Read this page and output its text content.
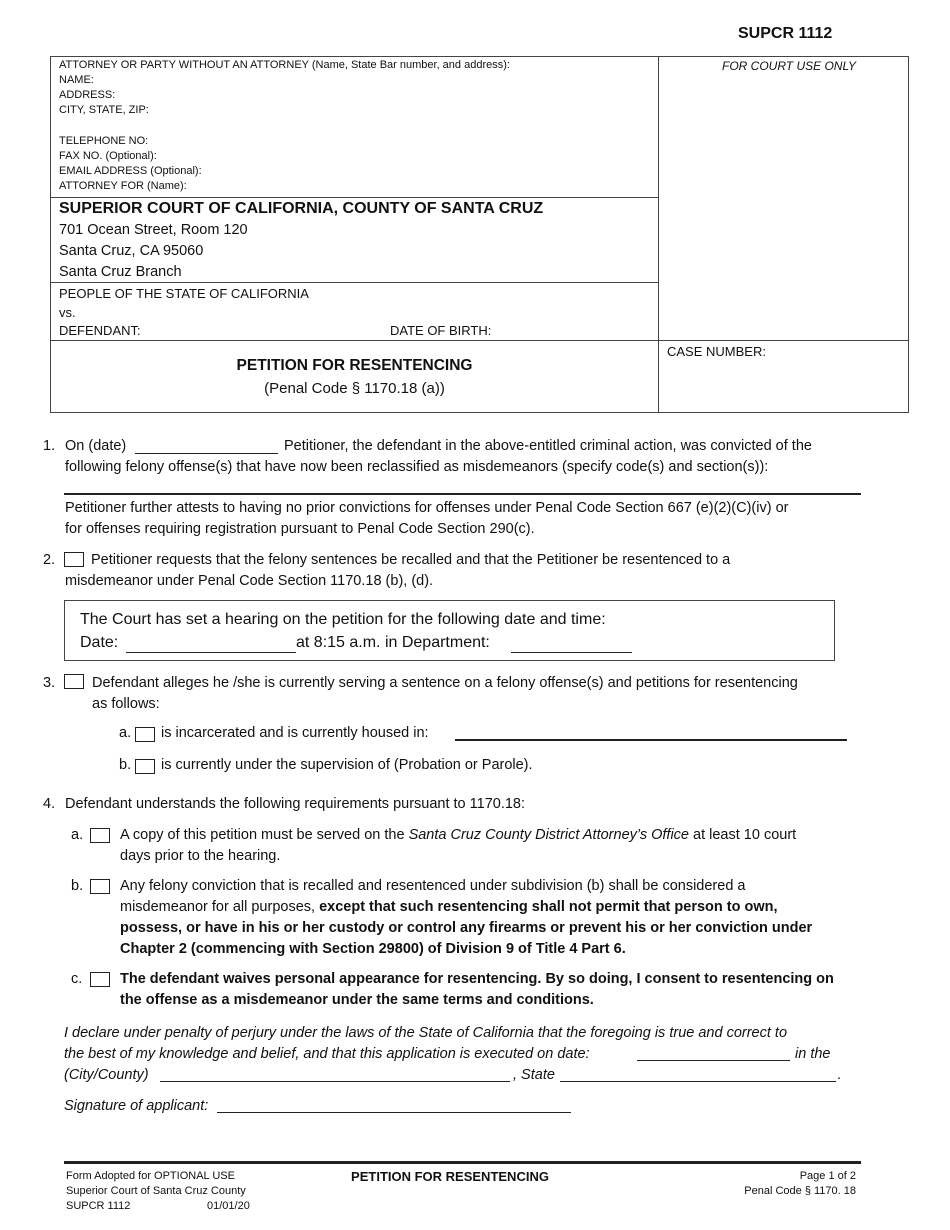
SUPCR 1112
ATTORNEY OR PARTY WITHOUT AN ATTORNEY (Name, State Bar number, and address):
NAME:
ADDRESS:
CITY, STATE, ZIP:
TELEPHONE NO:
FAX NO. (Optional):
EMAIL ADDRESS (Optional):
ATTORNEY FOR (Name):
FOR COURT USE ONLY
SUPERIOR COURT OF CALIFORNIA, COUNTY OF SANTA CRUZ
701 Ocean Street, Room 120
Santa Cruz, CA 95060
Santa Cruz Branch
PEOPLE OF THE STATE OF CALIFORNIA
vs.
DEFENDANT:	DATE OF BIRTH:
CASE NUMBER:
PETITION FOR RESENTENCING
(Penal Code § 1170.18 (a))
1. On (date)	Petitioner, the defendant in the above-entitled criminal action, was convicted of the
following felony offense(s) that have now been reclassified as misdemeanors (specify code(s) and section(s)):
Petitioner further attests to having no prior convictions for offenses under Penal Code Section 667 (e)(2)(C)(iv) or
for offenses requiring registration pursuant to Penal Code Section 290(c).
2. Petitioner requests that the felony sentences be recalled and that the Petitioner be resentenced to a
misdemeanor under Penal Code Section 1170.18 (b), (d).
The Court has set a hearing on the petition for the following date and time:
Date:	at 8:15 a.m. in Department:
3.	Defendant alleges he /she is currently serving a sentence on a felony offense(s) and petitions for resentencing
as follows:
a. is incarcerated and is currently housed in:
b. is currently under the supervision of (Probation or Parole).
4. Defendant understands the following requirements pursuant to 1170.18:
a.	A copy of this petition must be served on the Santa Cruz County District Attorney’s Office at least 10 court
days prior to the hearing.
b.	Any felony conviction that is recalled and resentenced under subdivision (b) shall be considered a
misdemeanor for all purposes, except that such resentencing shall not permit that person to own,
possess, or have in his or her custody or control any firearms or prevent his or her conviction under
Chapter 2 (commencing with Section 29800) of Division 9 of Title 4 Part 6.
c.	The defendant waives personal appearance for resentencing. By so doing, I consent to resentencing on
the offense as a misdemeanor under the same terms and conditions.
I declare under penalty of perjury under the laws of the State of California that the foregoing is true and correct to
the best of my knowledge and belief, and that this application is executed on date:	in the
(City/County)	, State	.
Signature of applicant:
Form Adopted for OPTIONAL USE
Superior Court of Santa Cruz County
SUPCR 1112	01/01/20
PETITION FOR RESENTENCING	Page 1 of 2
Penal Code § 1170. 18
